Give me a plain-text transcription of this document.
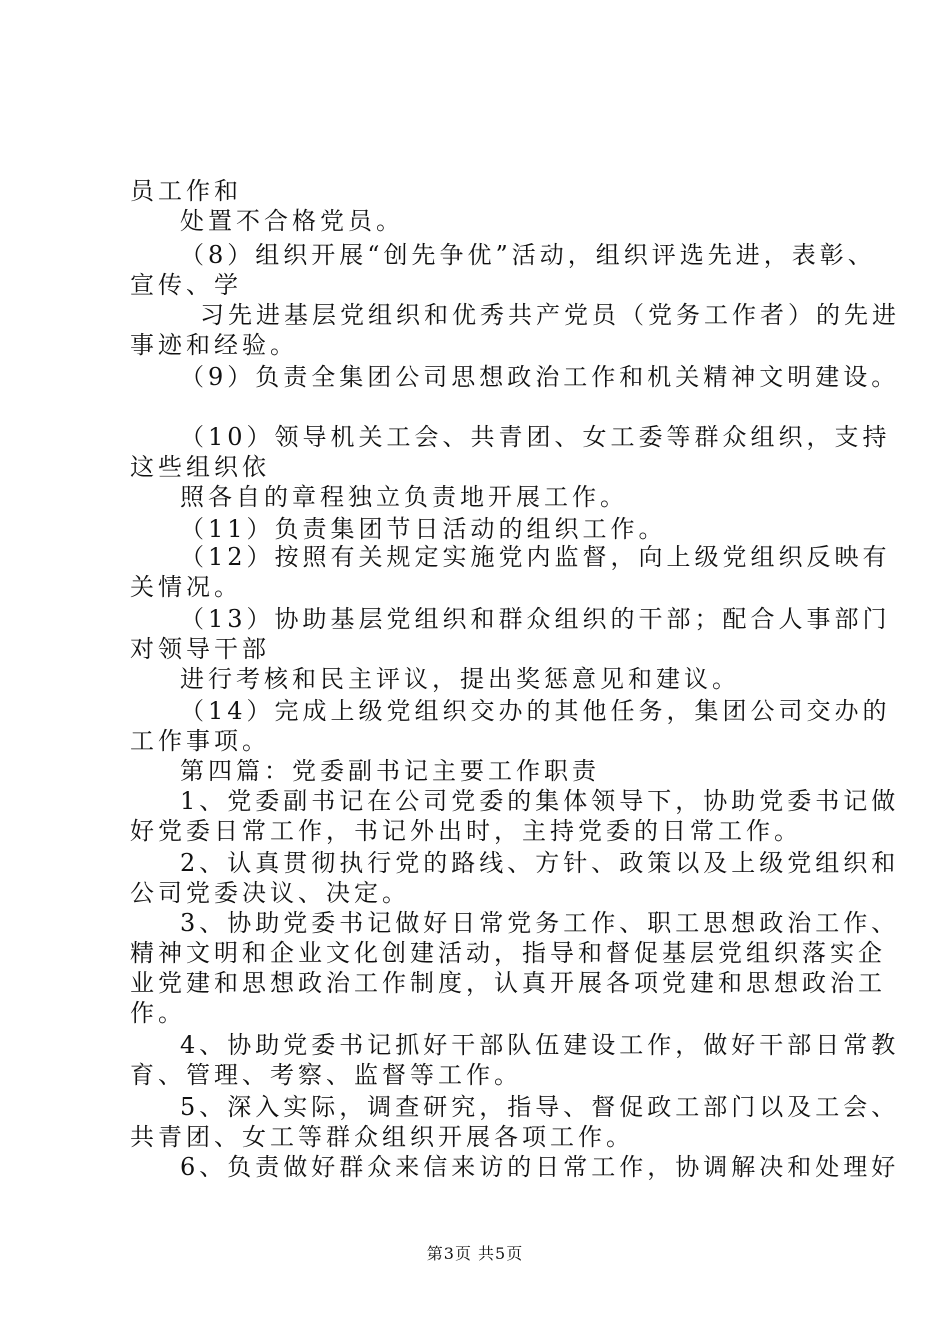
员工作和
处置不合格党员。
（8）组织开展“创先争优”活动，组织评选先进，表彰、
宣传、学
习先进基层党组织和优秀共产党员（党务工作者）的先进
事迹和经验。
（9）负责全集团公司思想政治工作和机关精神文明建设。
（10）领导机关工会、共青团、女工委等群众组织，支持
这些组织依
照各自的章程独立负责地开展工作。
（11）负责集团节日活动的组织工作。
（12）按照有关规定实施党内监督，向上级党组织反映有
关情况。
（13）协助基层党组织和群众组织的干部；配合人事部门
对领导干部
进行考核和民主评议，提出奖惩意见和建议。
（14）完成上级党组织交办的其他任务，集团公司交办的
工作事项。
第四篇：党委副书记主要工作职责
1、党委副书记在公司党委的集体领导下，协助党委书记做
好党委日常工作，书记外出时，主持党委的日常工作。
2、认真贯彻执行党的路线、方针、政策以及上级党组织和
公司党委决议、决定。
3、协助党委书记做好日常党务工作、职工思想政治工作、
精神文明和企业文化创建活动，指导和督促基层党组织落实企
业党建和思想政治工作制度，认真开展各项党建和思想政治工
作。
4、协助党委书记抓好干部队伍建设工作，做好干部日常教
育、管理、考察、监督等工作。
5、深入实际，调查研究，指导、督促政工部门以及工会、
共青团、女工等群众组织开展各项工作。
6、负责做好群众来信来访的日常工作，协调解决和处理好
第3页 共5页
